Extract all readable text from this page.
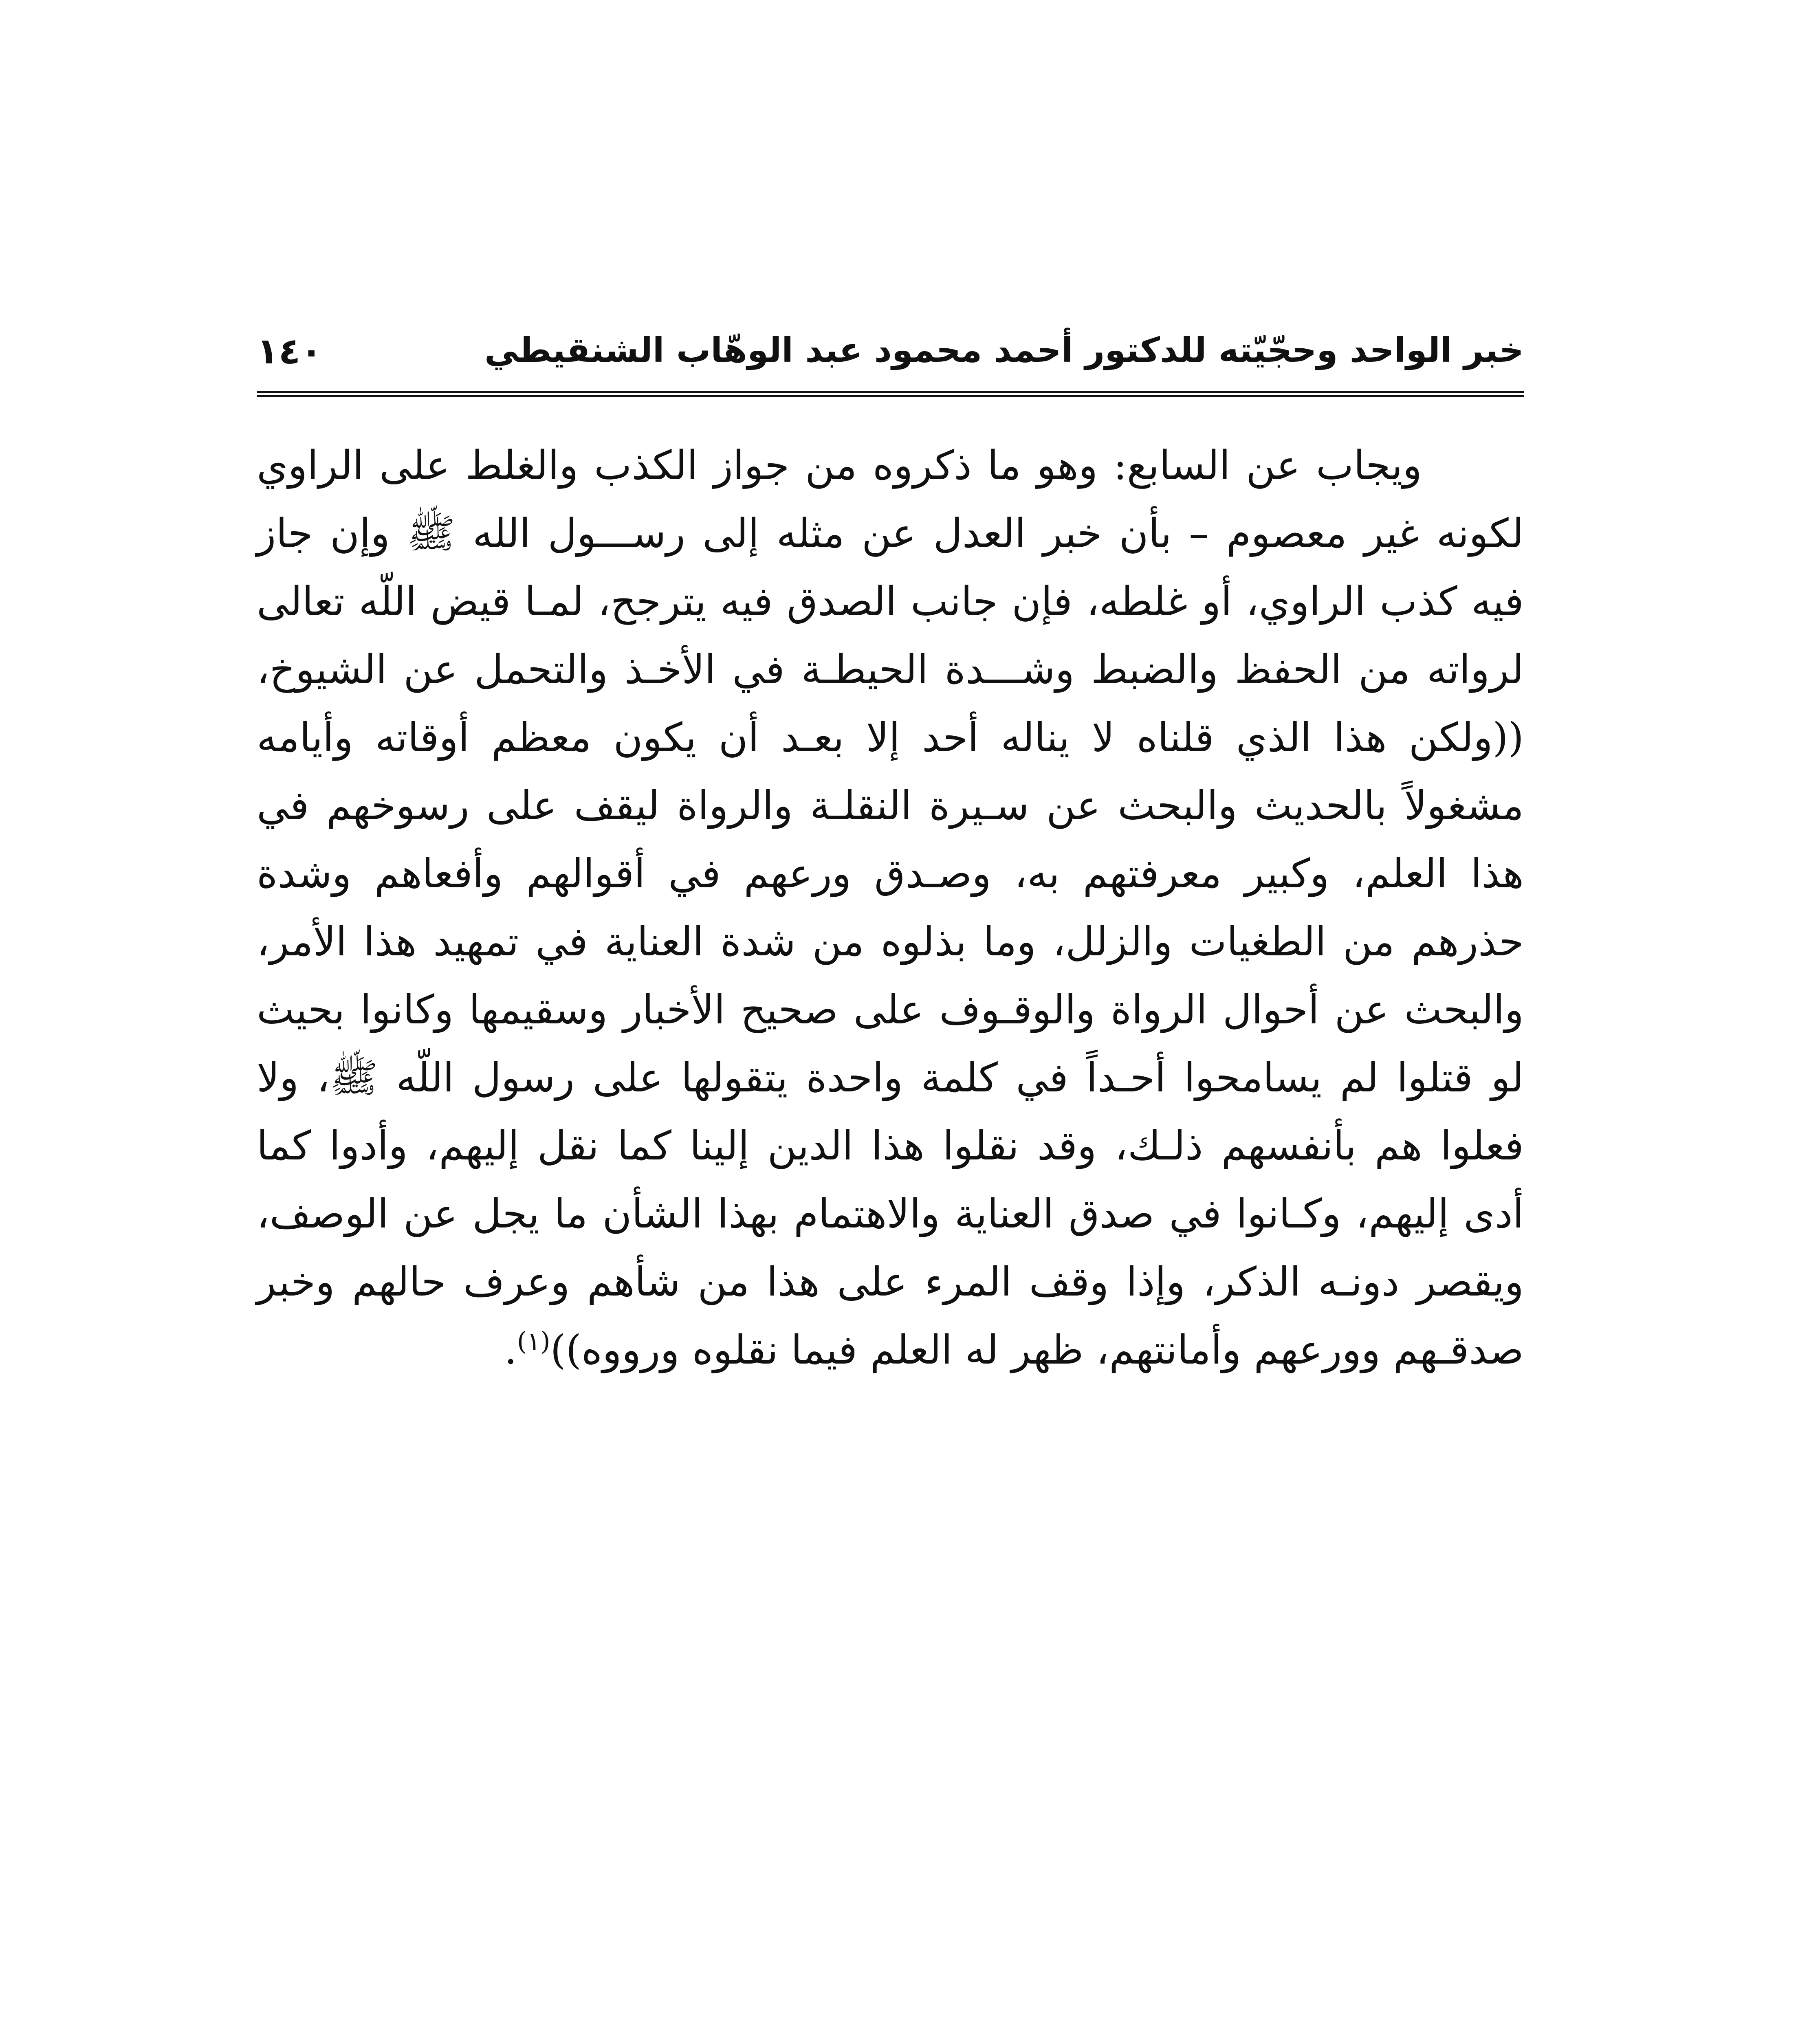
خبر الواحد وحجّيّته للدكتور أحمد محمود عبد الوهّاب الشنقيطي
١٤٠

ويجاب عن السابع: وهو ما ذكروه من جواز الكذب والغلط على الراوي لكونه غير معصوم – بأن خبر العدل عن مثله إلى رســـول الله ﷺ وإن جاز فيه كذب الراوي، أو غلطه، فإن جانب الصدق فيه يترجح، لمـا قيض اللّه تعالى لرواته من الحفظ والضبط وشـــدة الحيطـة في الأخـذ والتحمل عن الشيوخ، ((ولكن هذا الذي قلناه لا يناله أحد إلا بعـد أن يكون معظم أوقاته وأيامه مشغولاً بالحديث والبحث عن سـيرة النقلـة والرواة ليقف على رسوخهم في هذا العلم، وكبير معرفتهم به، وصـدق ورعهم في أقوالهم وأفعاهم وشدة حذرهم من الطغيات والزلل، وما بذلوه من شدة العناية في تمهيد هذا الأمر، والبحث عن أحوال الرواة والوقـوف على صحيح الأخبار وسقيمها وكانوا بحيث لو قتلوا لم يسامحوا أحـداً في كلمة واحدة يتقولها على رسول اللّه ﷺ، ولا فعلوا هم بأنفسهم ذلـك، وقد نقلوا هذا الدين إلينا كما نقل إليهم، وأدوا كما أدى إليهم، وكـانوا في صدق العناية والاهتمام بهذا الشأن ما يجل عن الوصف، ويقصر دونـه الذكر، وإذا وقف المرء على هذا من شأهم وعرف حالهم وخبر صدقـهم وورعهم وأمانتهم، ظهر له العلم فيما نقلوه ورووه))$^{(١)}$.
